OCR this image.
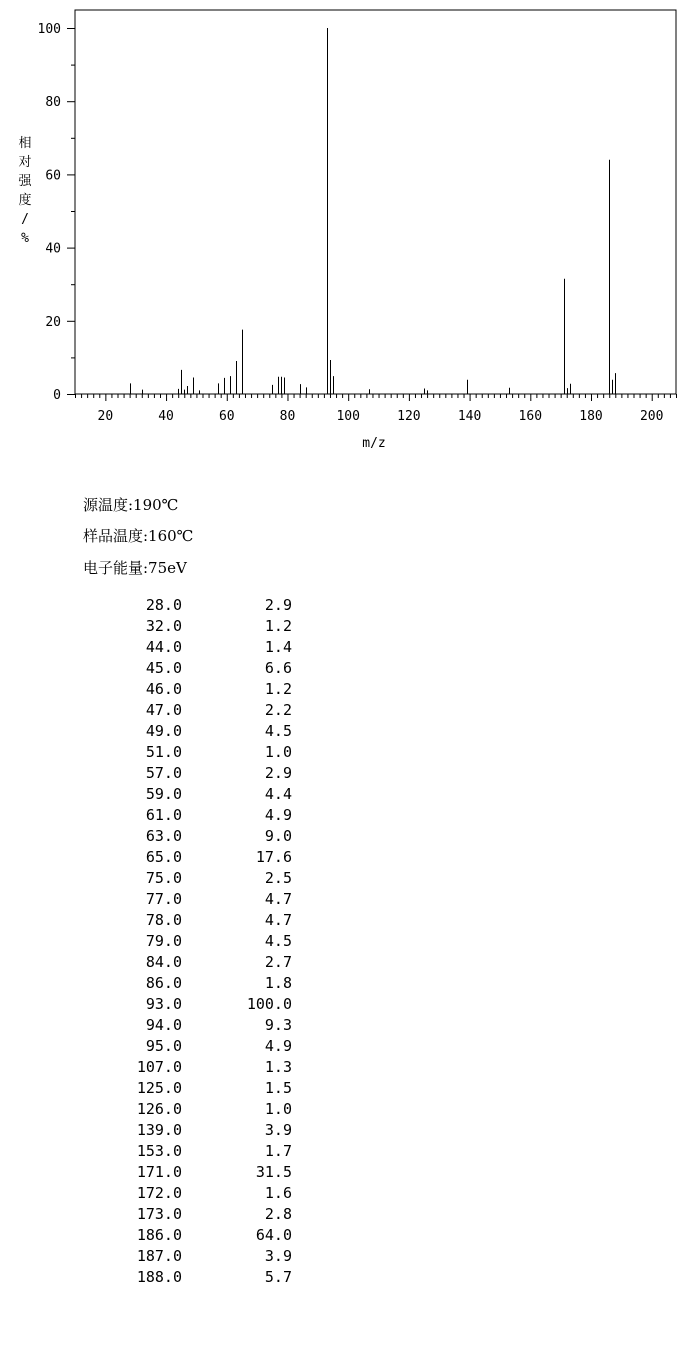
20	40	60	80	100	120	140	160	180	200
0
20
40
60
80
100
m/z
相
对
强
度
/
%
源温度:190℃
样品温度:160℃
电子能量:75eV
28.0	2.9
32.0	1.2
44.0	1.4
45.0	6.6
46.0	1.2
47.0	2.2
49.0	4.5
51.0	1.0
57.0	2.9
59.0	4.4
61.0	4.9
63.0	9.0
65.0	17.6
75.0	2.5
77.0	4.7
78.0	4.7
79.0	4.5
84.0	2.7
86.0	1.8
93.0	100.0
94.0	9.3
95.0	4.9
107.0	1.3
125.0	1.5
126.0	1.0
139.0	3.9
153.0	1.7
171.0	31.5
172.0	1.6
173.0	2.8
186.0	64.0
187.0	3.9
188.0	5.7
